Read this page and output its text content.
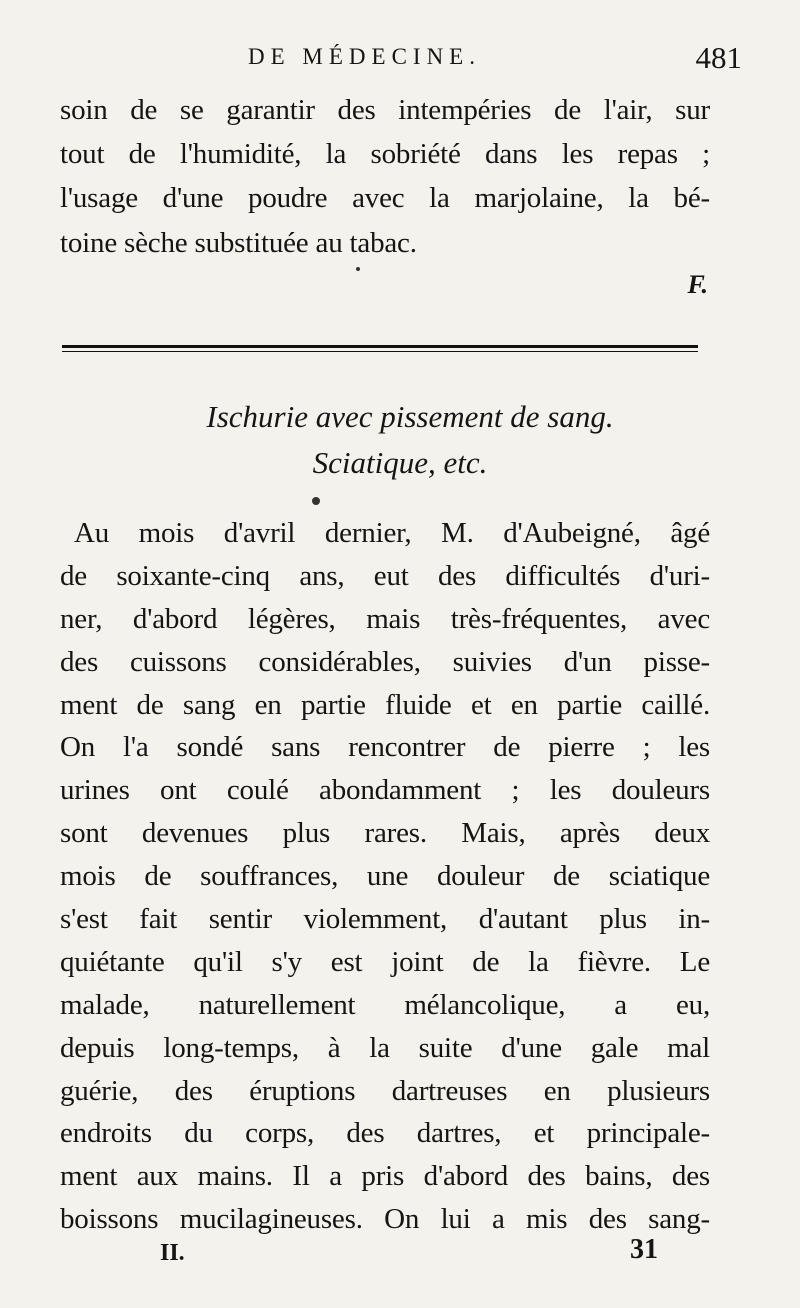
DE MÉDECINE.	481
soin de se garantir des intempéries de l'air, sur
tout de l'humidité, la sobriété dans les repas ;
l'usage d'une poudre avec la marjolaine, la bé-
toine sèche substituée au tabac.
F.
Ischurie avec pissement de sang.
Sciatique, etc.
Au mois d'avril dernier, M. d'Aubeigné, âgé
de soixante-cinq ans, eut des difficultés d'uri-
ner, d'abord légères, mais très-fréquentes, avec
des cuissons considérables, suivies d'un pisse-
ment de sang en partie fluide et en partie caillé.
On l'a sondé sans rencontrer de pierre ; les
urines ont coulé abondamment ; les douleurs
sont devenues plus rares. Mais, après deux
mois de souffrances, une douleur de sciatique
s'est fait sentir violemment, d'autant plus in-
quiétante qu'il s'y est joint de la fièvre. Le
malade, naturellement mélancolique, a eu,
depuis long-temps, à la suite d'une gale mal
guérie, des éruptions dartreuses en plusieurs
endroits du corps, des dartres, et principale-
ment aux mains. Il a pris d'abord des bains, des
boissons mucilagineuses. On lui a mis des sang-
II.	31
